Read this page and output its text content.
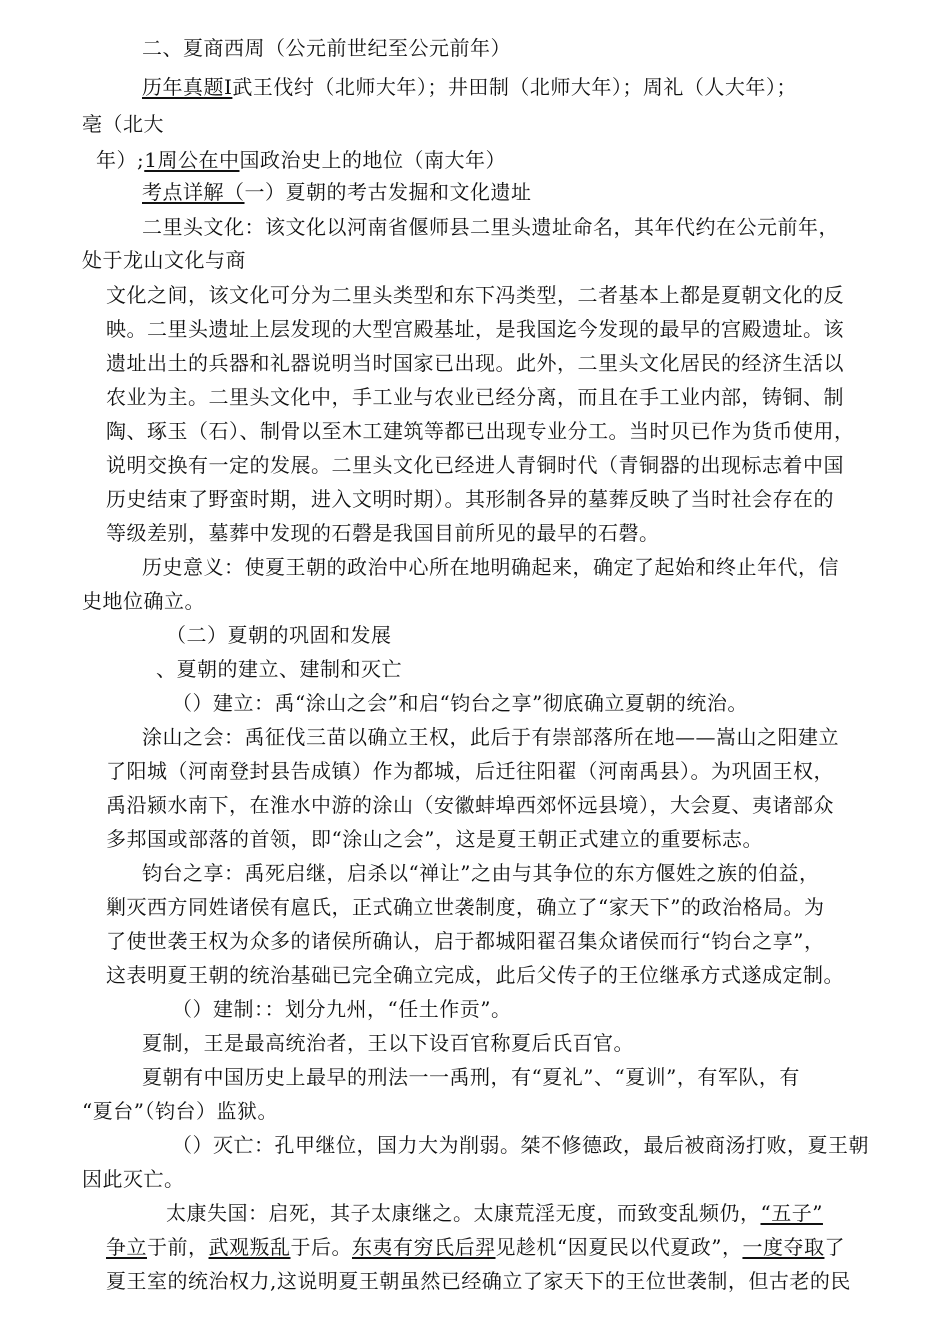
二、夏商西周（公元前世纪至公元前年）
历年真题Ⅰ武王伐纣（北师大年）；井田制（北师大年）；周礼（人大年）；
亳（北大
年）;1周公在中国政治史上的地位（南大年）
考点详解（一）夏朝的考古发掘和文化遗址
二里头文化：该文化以河南省偃师县二里头遗址命名，其年代约在公元前年，
处于龙山文化与商
文化之间，该文化可分为二里头类型和东下冯类型，二者基本上都是夏朝文化的反
映。二里头遗址上层发现的大型宫殿基址，是我国迄今发现的最早的宫殿遗址。该
遗址出土的兵器和礼器说明当时国家已出现。此外，二里头文化居民的经济生活以
农业为主。二里头文化中，手工业与农业已经分离，而且在手工业内部，铸铜、制
陶、琢玉（石）、制骨以至木工建筑等都已出现专业分工。当时贝已作为货币使用，
说明交换有一定的发展。二里头文化已经进人青铜时代（青铜器的出现标志着中国
历史结束了野蛮时期，进入文明时期）。其形制各异的墓葬反映了当时社会存在的
等级差别，墓葬中发现的石磬是我国目前所见的最早的石磬。
历史意义：使夏王朝的政治中心所在地明确起来，确定了起始和终止年代，信
史地位确立。
（二）夏朝的巩固和发展
、夏朝的建立、建制和灭亡
（）建立：禹“涂山之会”和启“钧台之享”彻底确立夏朝的统治。
涂山之会：禹征伐三苗以确立王权，此后于有崇部落所在地——嵩山之阳建立
了阳城（河南登封县告成镇）作为都城，后迁往阳翟（河南禹县）。为巩固王权，
禹沿颍水南下，在淮水中游的涂山（安徽蚌埠西郊怀远县境），大会夏、夷诸部众
多邦国或部落的首领，即“涂山之会”，这是夏王朝正式建立的重要标志。
钧台之享：禹死启继，启杀以“禅让”之由与其争位的东方偃姓之族的伯益，
剿灭西方同姓诸侯有扈氏，正式确立世袭制度，确立了“家天下”的政治格局。为
了使世袭王权为众多的诸侯所确认，启于都城阳翟召集众诸侯而行“钧台之享”，
这表明夏王朝的统治基础已完全确立完成，此后父传子的王位继承方式遂成定制。
（）建制：：划分九州，“任土作贡”。
夏制，王是最高统治者，王以下设百官称夏后氏百官。
夏朝有中国历史上最早的刑法一一禹刑，有“夏礼”、“夏训”，有军队，有
“夏台”（钧台）监狱。
（）灭亡：孔甲继位，国力大为削弱。桀不修德政，最后被商汤打败，夏王朝
因此灭亡。
太康失国：启死，其子太康继之。太康荒淫无度，而致变乱频仍，“五子”
争立于前，武观叛乱于后。东夷有穷氏后羿见趁机“因夏民以代夏政”，一度夺取了
夏王室的统治权力,这说明夏王朝虽然已经确立了家天下的王位世袭制，但古老的民
